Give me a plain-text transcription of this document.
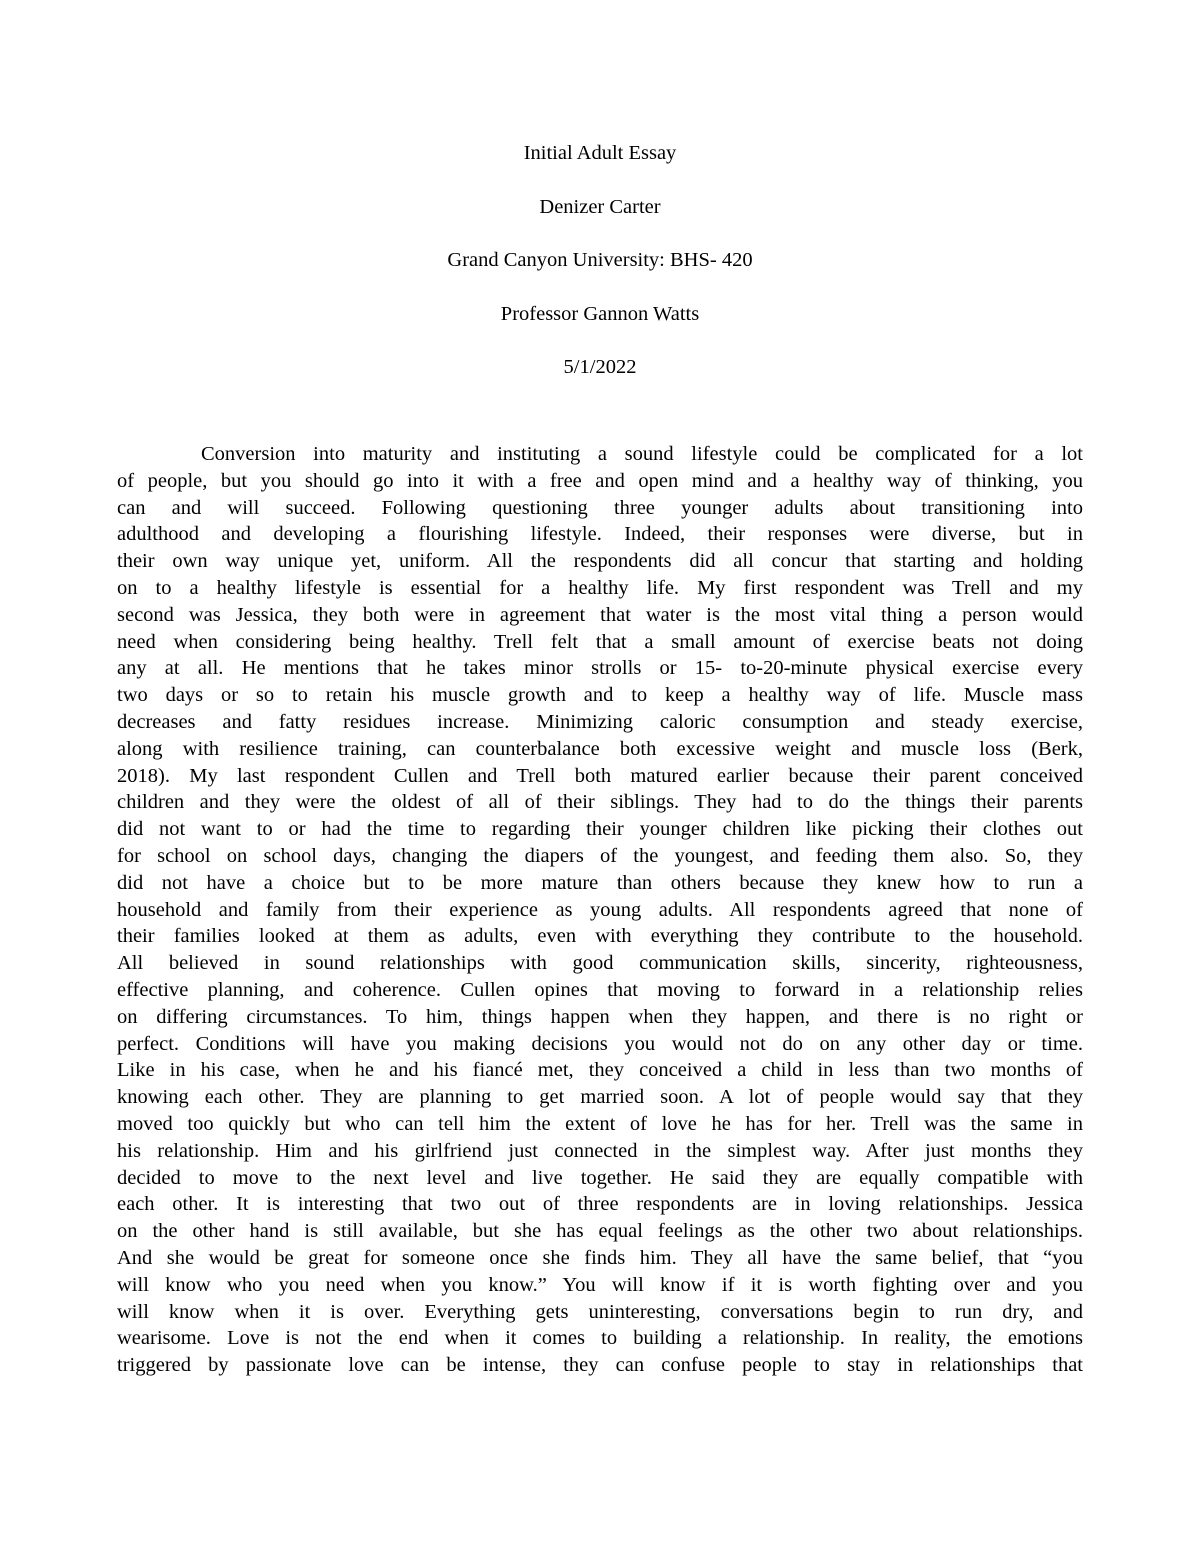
Initial Adult Essay
Denizer Carter
Grand Canyon University: BHS- 420
Professor Gannon Watts
5/1/2022
Conversion into maturity and instituting a sound lifestyle could be complicated for a lot
of people, but you should go into it with a free and open mind and a healthy way of thinking, you
can and will succeed. Following questioning three younger adults about transitioning into
adulthood and developing a flourishing lifestyle. Indeed, their responses were diverse, but in
their own way unique yet, uniform. All the respondents did all concur that starting and holding
on to a healthy lifestyle is essential for a healthy life. My first respondent was Trell and my
second was Jessica, they both were in agreement that water is the most vital thing a person would
need when considering being healthy. Trell felt that a small amount of exercise beats not doing
any at all. He mentions that he takes minor strolls or 15- to-20-minute physical exercise every
two days or so to retain his muscle growth and to keep a healthy way of life. Muscle mass
decreases and fatty residues increase. Minimizing caloric consumption and steady exercise,
along with resilience training, can counterbalance both excessive weight and muscle loss (Berk,
2018). My last respondent Cullen and Trell both matured earlier because their parent conceived
children and they were the oldest of all of their siblings. They had to do the things their parents
did not want to or had the time to regarding their younger children like picking their clothes out
for school on school days, changing the diapers of the youngest, and feeding them also. So, they
did not have a choice but to be more mature than others because they knew how to run a
household and family from their experience as young adults. All respondents agreed that none of
their families looked at them as adults, even with everything they contribute to the household.
All believed in sound relationships with good communication skills, sincerity, righteousness,
effective planning, and coherence. Cullen opines that moving to forward in a relationship relies
on differing circumstances. To him, things happen when they happen, and there is no right or
perfect. Conditions will have you making decisions you would not do on any other day or time.
Like in his case, when he and his fiancé met, they conceived a child in less than two months of
knowing each other. They are planning to get married soon. A lot of people would say that they
moved too quickly but who can tell him the extent of love he has for her. Trell was the same in
his relationship. Him and his girlfriend just connected in the simplest way. After just months they
decided to move to the next level and live together. He said they are equally compatible with
each other. It is interesting that two out of three respondents are in loving relationships. Jessica
on the other hand is still available, but she has equal feelings as the other two about relationships.
And she would be great for someone once she finds him. They all have the same belief, that “you
will know who you need when you know.” You will know if it is worth fighting over and you
will know when it is over. Everything gets uninteresting, conversations begin to run dry, and
wearisome. Love is not the end when it comes to building a relationship. In reality, the emotions
triggered by passionate love can be intense, they can confuse people to stay in relationships that
